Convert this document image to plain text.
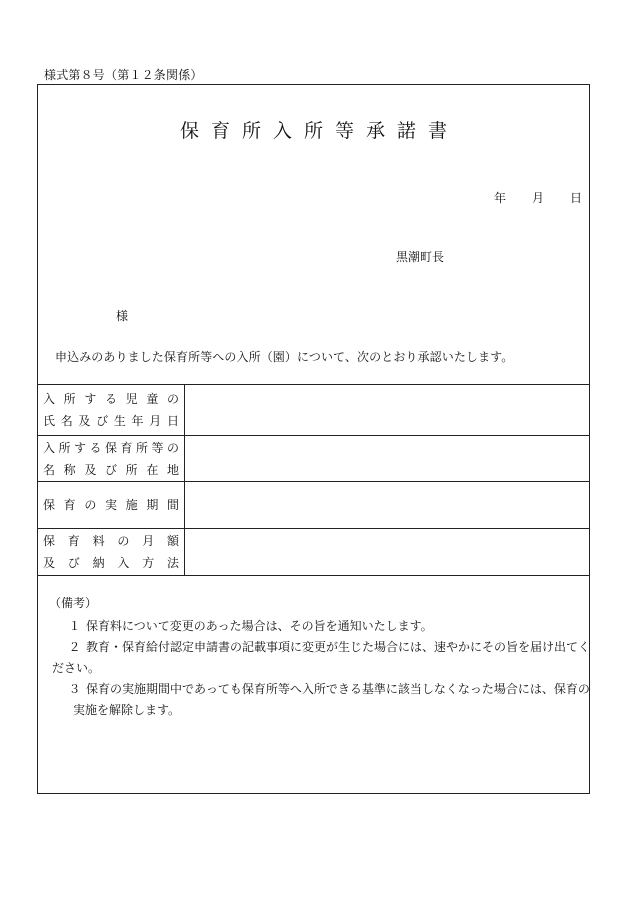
様式第８号（第１２条関係）
保育所入所等承諾書
年 月 日
黒潮町長
様
申込みのありました保育所等への入所（園）について、次のとおり承認いたします。
入所する児童の
氏名及び生年月日
入所する保育所等の
名称及び所在地
保育の実施期間
保育料の月額
及び納入方法
（備考）
１ 保育料について変更のあった場合は、その旨を通知いたします。
２ 教育・保育給付認定申請書の記載事項に変更が生じた場合には、速やかにその旨を届け出てく
ださい。
３ 保育の実施期間中であっても保育所等へ入所できる基準に該当しなくなった場合には、保育の
実施を解除します。
